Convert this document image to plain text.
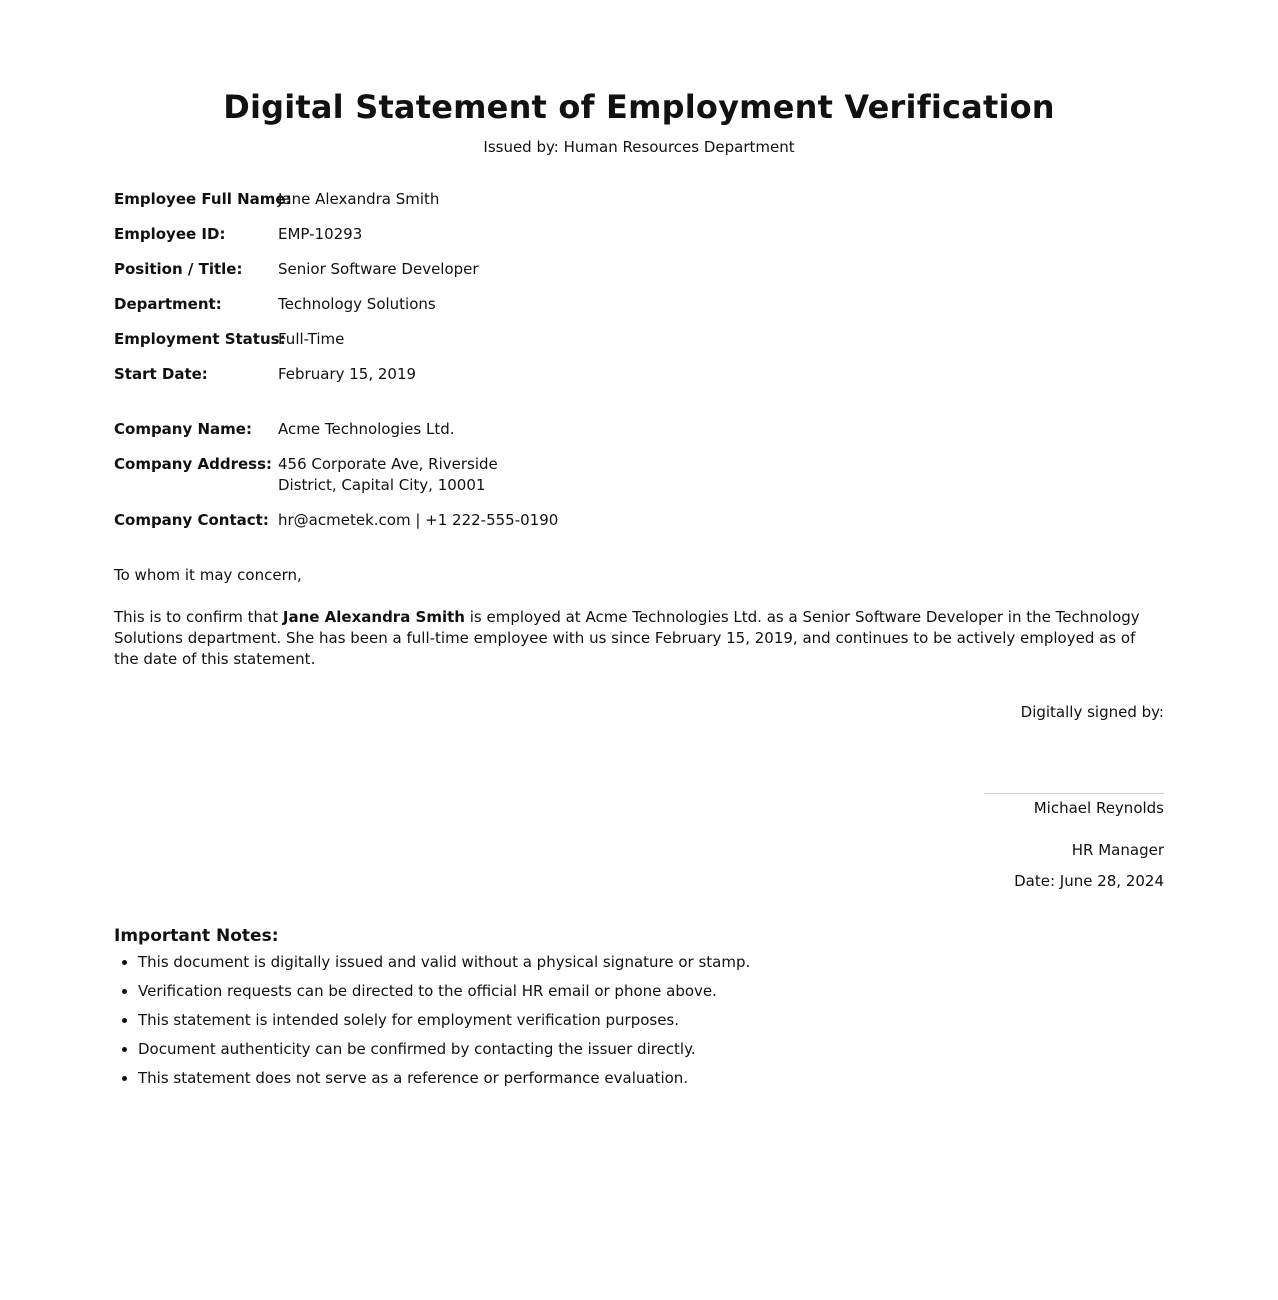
Digital Statement of Employment Verification
Issued by: Human Resources Department
Employee Full Name:
Jane Alexandra Smith
Employee ID:	EMP-10293
Position / Title:	Senior Software Developer
Department:	Technology Solutions
Employment Status:
Full-Time
Start Date:	February 15, 2019
Company Name:	Acme Technologies Ltd.
Company Address: 456 Corporate Ave, Riverside District, Capital City, 10001
Company Contact: hr@acmetek.com | +1 222-555-0190
To whom it may concern,

This is to confirm that Jane Alexandra Smith is employed at Acme Technologies Ltd. as a Senior Software Developer in the Technology Solutions department. She has been a full-time employee with us since February 15, 2019, and continues to be actively employed as of the date of this statement.

Digitally signed by:
Michael Reynolds
HR Manager
Date: June 28, 2024
Important Notes:
• This document is digitally issued and valid without a physical signature or stamp.
• Verification requests can be directed to the official HR email or phone above.
• This statement is intended solely for employment verification purposes.
• Document authenticity can be confirmed by contacting the issuer directly.
• This statement does not serve as a reference or performance evaluation.
